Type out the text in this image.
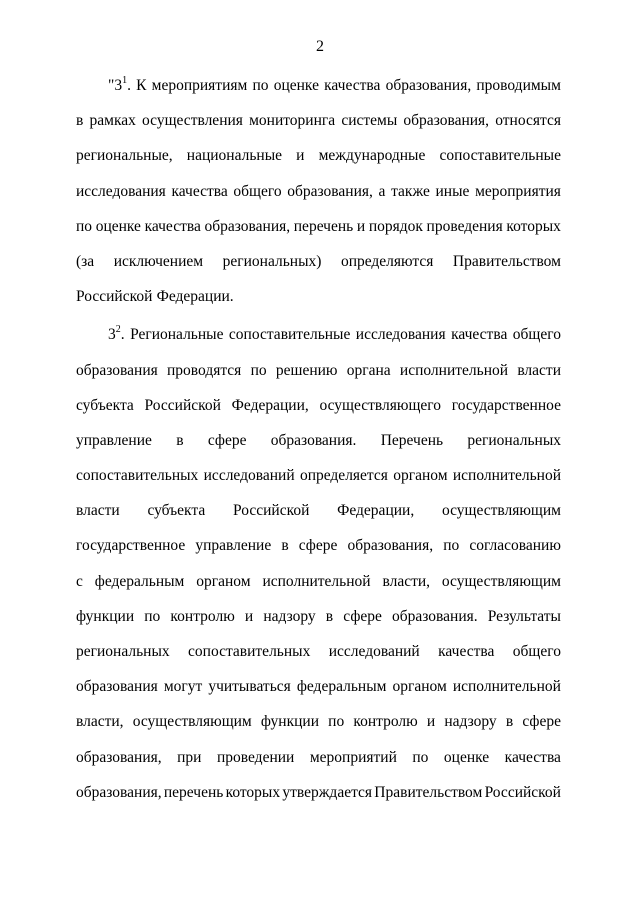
2
"$3^1$. К мероприятиям по оценке качества образования, проводимым
в рамках осуществления мониторинга системы образования, относятся
региональные, национальные и международные сопоставительные
исследования качества общего образования, а также иные мероприятия
по оценке качества образования, перечень и порядок проведения которых
(за исключением региональных) определяются Правительством
Российской Федерации.
$3^2$. Региональные сопоставительные исследования качества общего
образования проводятся по решению органа исполнительной власти
субъекта Российской Федерации, осуществляющего государственное
управление в сфере образования. Перечень региональных
сопоставительных исследований определяется органом исполнительной
власти субъекта Российской Федерации, осуществляющим
государственное управление в сфере образования, по согласованию
с федеральным органом исполнительной власти, осуществляющим
функции по контролю и надзору в сфере образования. Результаты
региональных сопоставительных исследований качества общего
образования могут учитываться федеральным органом исполнительной
власти, осуществляющим функции по контролю и надзору в сфере
образования, при проведении мероприятий по оценке качества
образования, перечень которых утверждается Правительством Российской
